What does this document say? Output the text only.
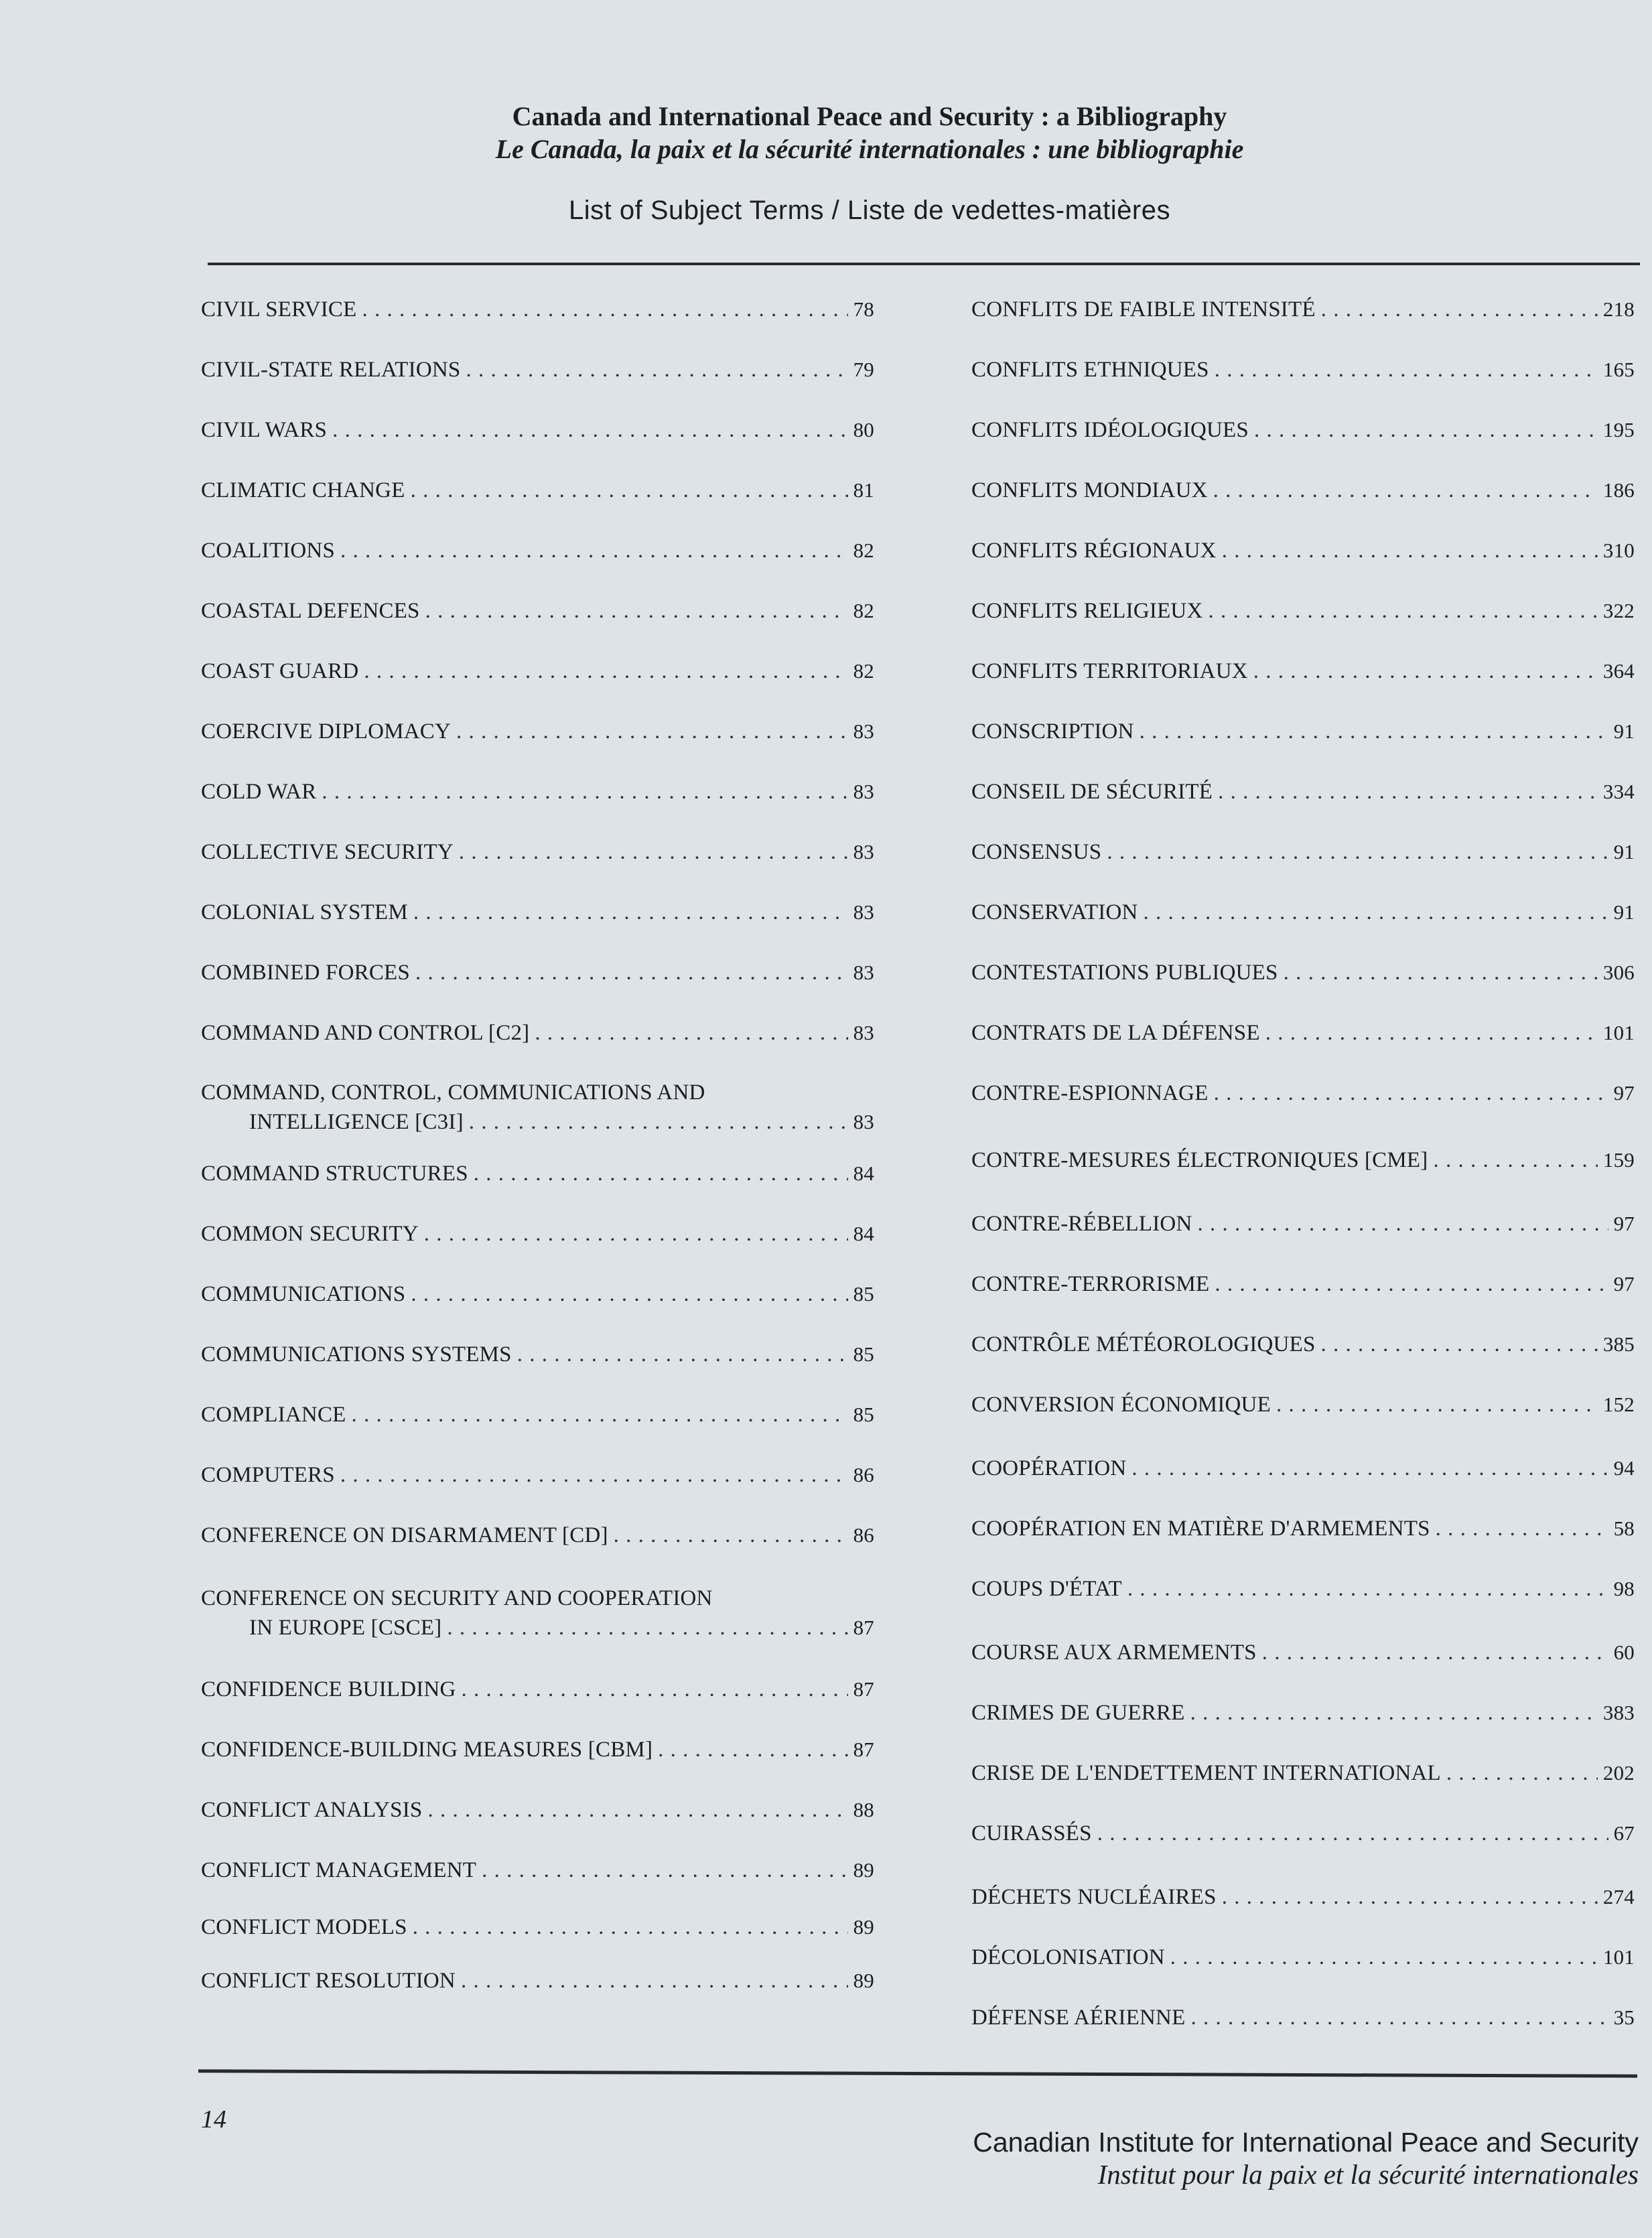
Canada and International Peace and Security : a Bibliography
Le Canada, la paix et la sécurité internationales : une bibliographie
List of Subject Terms / Liste de vedettes-matières
CIVIL SERVICE . . .	78
CIVIL-STATE RELATIONS . . .	79
CIVIL WARS . . .	80
CLIMATIC CHANGE . . .	81
COALITIONS . . .	82
COASTAL DEFENCES . . .	82
COAST GUARD . . .	82
COERCIVE DIPLOMACY . . .	83
COLD WAR . . .	83
COLLECTIVE SECURITY . . .	83
COLONIAL SYSTEM . . .	83
COMBINED FORCES . . .	83
COMMAND AND CONTROL [C2] . . .	83
COMMAND, CONTROL, COMMUNICATIONS AND
INTELLIGENCE [C3I] . . .	83
COMMAND STRUCTURES . . .	84
COMMON SECURITY . . .	84
COMMUNICATIONS . . .	85
COMMUNICATIONS SYSTEMS . . .	85
COMPLIANCE . . .	85
COMPUTERS . . .	86
CONFERENCE ON DISARMAMENT [CD] . . .	86
CONFERENCE ON SECURITY AND COOPERATION
IN EUROPE [CSCE] . . .	87
CONFIDENCE BUILDING . . .	87
CONFIDENCE-BUILDING MEASURES [CBM] . . .	87
CONFLICT ANALYSIS . . .	88
CONFLICT MANAGEMENT . . .	89
CONFLICT MODELS . . .	89
CONFLICT RESOLUTION . . .	89
CONFLITS DE FAIBLE INTENSITÉ . . .	218
CONFLITS ETHNIQUES . . .	165
CONFLITS IDÉOLOGIQUES . . .	195
CONFLITS MONDIAUX . . .	186
CONFLITS RÉGIONAUX . . .	310
CONFLITS RELIGIEUX . . .	322
CONFLITS TERRITORIAUX . . .	364
CONSCRIPTION . . .	91
CONSEIL DE SÉCURITÉ . . .	334
CONSENSUS . . .	91
CONSERVATION . . .	91
CONTESTATIONS PUBLIQUES . . .	306
CONTRATS DE LA DÉFENSE . . .	101
CONTRE-ESPIONNAGE . . .	97
CONTRE-MESURES ÉLECTRONIQUES [CME] . . .	159
CONTRE-RÉBELLION . . .	97
CONTRE-TERRORISME . . .	97
CONTRÔLE MÉTÉOROLOGIQUES . . .	385
CONVERSION ÉCONOMIQUE . . .	152
COOPÉRATION . . .	94
COOPÉRATION EN MATIÈRE D'ARMEMENTS . . .	58
COUPS D'ÉTAT . . .	98
COURSE AUX ARMEMENTS . . .	60
CRIMES DE GUERRE . . .	383
CRISE DE L'ENDETTEMENT INTERNATIONAL . . .	202
CUIRASSÉS . . .	67
DÉCHETS NUCLÉAIRES . . .	274
DÉCOLONISATION . . .	101
DÉFENSE AÉRIENNE . . .	35
14
Canadian Institute for International Peace and Security
Institut pour la paix et la sécurité internationales
